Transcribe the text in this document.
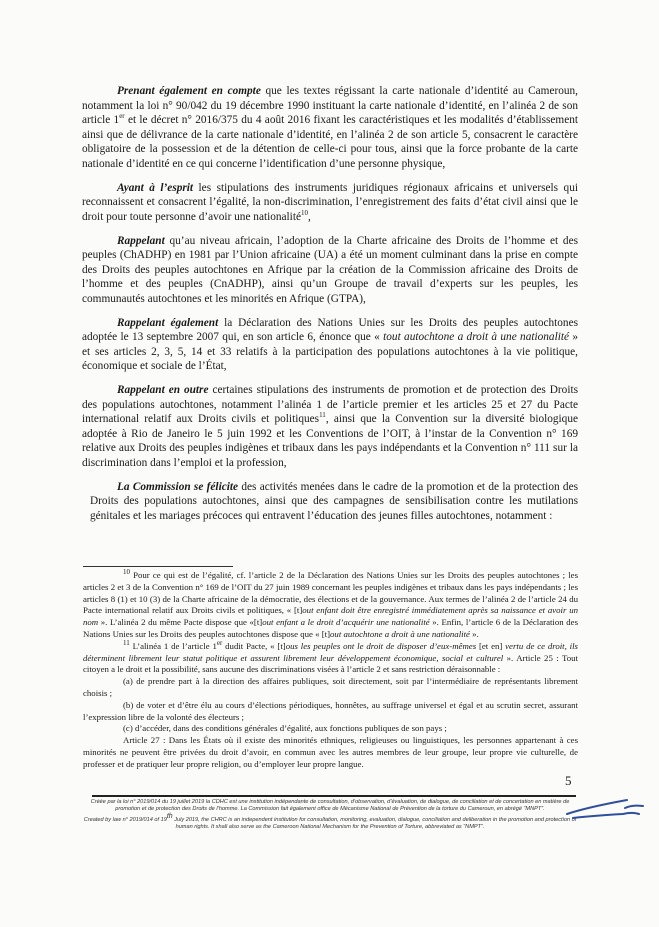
Prenant également en compte que les textes régissant la carte nationale d’identité au Cameroun, notamment la loi n° 90/042 du 19 décembre 1990 instituant la carte nationale d’identité, en l’alinéa 2 de son article 1er et le décret n° 2016/375 du 4 août 2016 fixant les caractéristiques et les modalités d’établissement ainsi que de délivrance de la carte nationale d’identité, en l’alinéa 2 de son article 5, consacrent le caractère obligatoire de la possession et de la détention de celle-ci pour tous, ainsi que la force probante de la carte nationale d’identité en ce qui concerne l’identification d’une personne physique,

Ayant à l’esprit les stipulations des instruments juridiques régionaux africains et universels qui reconnaissent et consacrent l’égalité, la non-discrimination, l’enregistrement des faits d’état civil ainsi que le droit pour toute personne d’avoir une nationalité$^{10}$,

Rappelant qu’au niveau africain, l’adoption de la Charte africaine des Droits de l’homme et des peuples (ChADHP) en 1981 par l’Union africaine (UA) a été un moment culminant dans la prise en compte des Droits des peuples autochtones en Afrique par la création de la Commission africaine des Droits de l’homme et des peuples (CnADHP), ainsi qu’un Groupe de travail d’experts sur les peuples, les communautés autochtones et les minorités en Afrique (GTPA),

Rappelant également la Déclaration des Nations Unies sur les Droits des peuples autochtones adoptée le 13 septembre 2007 qui, en son article 6, énonce que « tout autochtone a droit à une nationalité » et ses articles 2, 3, 5, 14 et 33 relatifs à la participation des populations autochtones à la vie politique, économique et sociale de l’État,

Rappelant en outre certaines stipulations des instruments de promotion et de protection des Droits des populations autochtones, notamment l’alinéa 1 de l’article premier et les articles 25 et 27 du Pacte international relatif aux Droits civils et politiques$^{11}$, ainsi que la Convention sur la diversité biologique adoptée à Rio de Janeiro le 5 juin 1992 et les Conventions de l’OIT, à l’instar de la Convention n° 169 relative aux Droits des peuples indigènes et tribaux dans les pays indépendants et la Convention n° 111 sur la discrimination dans l’emploi et la profession,

La Commission se félicite des activités menées dans le cadre de la promotion et de la protection des Droits des populations autochtones, ainsi que des campagnes de sensibilisation contre les mutilations génitales et les mariages précoces qui entravent l’éducation des jeunes filles autochtones, notamment :

$^{10}$ Pour ce qui est de l’égalité, cf. l’article 2 de la Déclaration des Nations Unies sur les Droits des peuples autochtones ; les articles 2 et 3 de la Convention n° 169 de l’OIT du 27 juin 1989 concernant les peuples indigènes et tribaux dans les pays indépendants ; les articles 8 (1) et 10 (3) de la Charte africaine de la démocratie, des élections et de la gouvernance. Aux termes de l’alinéa 2 de l’article 24 du Pacte international relatif aux Droits civils et politiques, « [t]out enfant doit être enregistré immédiatement après sa naissance et avoir un nom ». L’alinéa 2 du même Pacte dispose que «[t]out enfant a le droit d’acquérir une nationalité ». Enfin, l’article 6 de la Déclaration des Nations Unies sur les Droits des peuples autochtones dispose que « [t]out autochtone a droit à une nationalité ».

$^{11}$ L’alinéa 1 de l’article 1er dudit Pacte, « [t]ous les peuples ont le droit de disposer d’eux-mêmes [et en] vertu de ce droit, ils déterminent librement leur statut politique et assurent librement leur développement économique, social et culturel ». Article 25 : Tout citoyen a le droit et la possibilité, sans aucune des discriminations visées à l’article 2 et sans restriction déraisonnable :

(a) de prendre part à la direction des affaires publiques, soit directement, soit par l’intermédiaire de représentants librement choisis ;

(b) de voter et d’être élu au cours d’élections périodiques, honnêtes, au suffrage universel et égal et au scrutin secret, assurant l’expression libre de la volonté des électeurs ;

(c) d’accéder, dans des conditions générales d’égalité, aux fonctions publiques de son pays ;

Article 27 : Dans les États où il existe des minorités ethniques, religieuses ou linguistiques, les personnes appartenant à ces minorités ne peuvent être privées du droit d’avoir, en commun avec les autres membres de leur groupe, leur propre vie culturelle, de professer et de pratiquer leur propre religion, ou d’employer leur propre langue.

5

Créée par la loi n° 2019/014 du 19 juillet 2019 la CDHC est une institution indépendante de consultation, d’observation, d’évaluation, de dialogue, de conciliation et de concertation en matière de promotion et de protection des Droits de l’homme. La Commission fait également office de Mécanisme National de Prévention de la torture du Cameroun, en abrégé “MNPT”.

Created by law n° 2019/014 of 19th July 2019, the CHRC is an independent institution for consultation, monitoring, evaluation, dialogue, conciliation and deliberation in the promotion and protection of human rights. It shall also serve as the Cameroon National Mechanism for the Prevention of Torture, abbreviated as “NMPT”.
